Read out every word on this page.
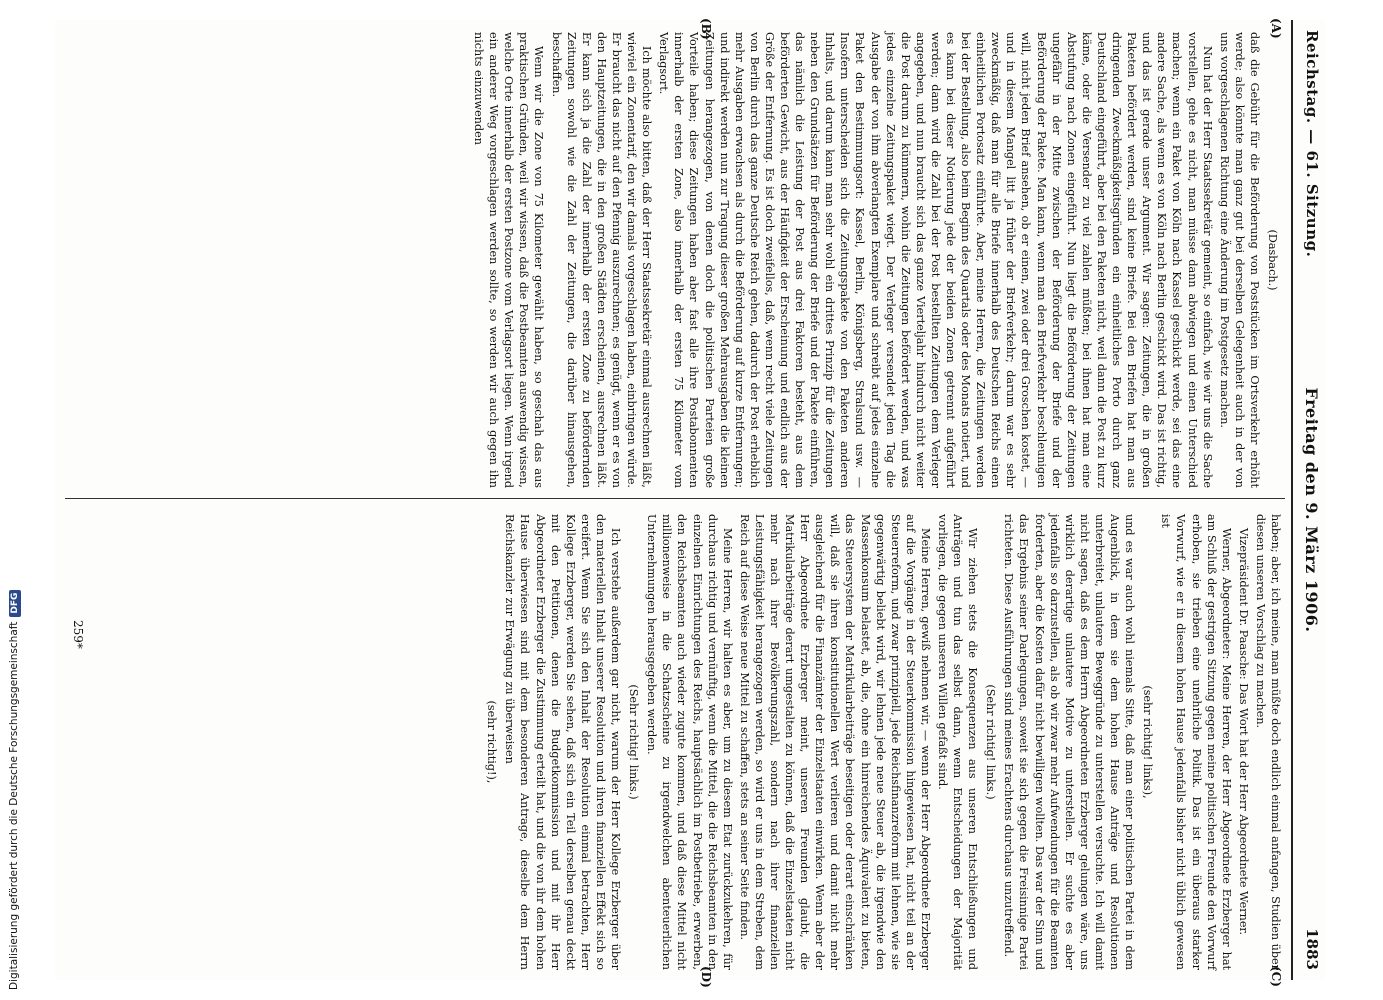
Reichstag. — 61. Sitzung.
Freitag den 9. März 1906.
1883
(A)
(B)
(C)
(D)

(Dasbach.)

daß die Gebühr für die Beförderung von Poststücken im Ortsverkehr erhöht werde; also könnte man ganz gut bei derselben Gelegenheit auch in der von uns vorgeschlagenen Richtung eine Änderung im Postgesetz machen.

Nun hat der Herr Staatssekretär gemeint, so einfach, wie wir uns die Sache vorstellen, gehe es nicht, man müsse dann abwiegen und einen Unterschied machen; wenn ein Paket von Köln nach Kassel geschickt werde, sei das eine andere Sache, als wenn es von Köln nach Berlin geschickt wird. Das ist richtig, und das ist gerade unser Argument. Wir sagen: Zeitungen, die in großen Paketen befördert werden, sind keine Briefe. Bei den Briefen hat man aus dringenden Zweckmäßigkeitsgründen ein einheitliches Porto durch ganz Deutschland eingeführt, aber bei den Paketen nicht, weil dann die Post zu kurz käme, oder die Versender zu viel zahlen müßten; bei ihnen hat man eine Abstufung nach Zonen eingeführt. Nun liegt die Beförderung der Zeitungen ungefähr in der Mitte zwischen der Beförderung der Briefe und der Beförderung der Pakete. Man kann, wenn man den Briefverkehr beschleunigen will, nicht jeden Brief ansehen, ob er einen, zwei oder drei Groschen kostet, — und in diesem Mangel litt ja früher der Briefverkehr; darum war es sehr zweckmäßig, daß man für alle Briefe innerhalb des Deutschen Reichs einen einheitlichen Portosatz einführte. Aber, meine Herren, die Zeitungen werden bei der Bestellung, also beim Beginn des Quartals oder des Monats notiert, und es kann bei dieser Notierung jede der beiden Zonen getrennt aufgeführt werden; dann wird die Zahl bei der Post bestellten Zeitungen dem Verleger angegeben, und nun braucht sich das ganze Vierteljahr hindurch nicht weiter die Post darum zu kümmern, wohin die Zeitungen befördert werden, und was jedes einzelne Zeitungspaket wiegt. Der Verleger versendet jeden Tag die Ausgabe der von ihm abverlangten Exemplare und schreibt auf jedes einzelne Paket den Bestimmungsort: Kassel, Berlin, Königsberg, Stralsund usw. — Insofern unterscheiden sich die Zeitungspakete von den Paketen anderen Inhalts, und darum kann man sehr wohl ein drittes Prinzip für die Zeitungen neben den Grundsätzen für Beförderung der Briefe und der Pakete einführen, das nämlich die Leistung der Post aus drei Faktoren besteht, aus dem beförderten Gewicht, aus der Häufigkeit der Erscheinung und endlich aus der Größe der Entfernung. Es ist doch zweifellos, daß, wenn recht viele Zeitungen von Berlin durch das ganze Deutsche Reich gehen, dadurch der Post erheblich mehr Ausgaben erwachsen als durch die Beförderung auf kurze Entfernungen; und indirekt werden nun zur Tragung dieser großen Mehrausgaben die kleinen Zeitungen herangezogen, von denen doch die politischen Parteien große Vorteile haben; diese Zeitungen haben aber fast alle ihre Postabonnenten innerhalb der ersten Zone, also innerhalb der ersten 75 Kilometer vom Verlagsort.

Ich möchte also bitten, daß der Herr Staatssekretär einmal ausrechnen läßt, wieviel ein Zonentarif, den wir damals vorgeschlagen haben, einbringen würde. Er braucht das nicht auf den Pfennig auszurechnen; es genügt, wenn er es von den Hauptzeitungen, die in den großen Städten erscheinen, ausrechnen läßt. Er kann sich ja die Zahl der innerhalb der ersten Zone zu befördernden Zeitungen sowohl wie die Zahl der Zeitungen, die darüber hinausgehen, beschaffen.

Wenn wir die Zone von 75 Kilometer gewählt haben, so geschah das aus praktischen Gründen, weil wir wissen, daß die Postbeamten auswendig wissen, welche Orte innerhalb der ersten Postzone vom Verlagsort liegen. Wenn irgend ein anderer Weg vorgeschlagen werden sollte, so werden wir auch gegen ihn nichts einzuwenden

haben; aber, ich meine, man müßte doch endlich einmal anfangen, Studien über diesen unseren Vorschlag zu machen.

Vizepräsident Dr. Paasche: Das Wort hat der Herr Abgeordnete Werner.

Werner, Abgeordneter: Meine Herren, der Herr Abgeordnete Erzberger hat am Schluß der gestrigen Sitzung gegen meine politischen Freunde den Vorwurf erhoben, sie trieben eine unehrliche Politik. Das ist ein überaus starker Vorwurf, wie er in diesem hohen Hause jedenfalls bisher nicht üblich gewesen ist

(sehr richtig! links),

und es war auch wohl niemals Sitte, daß man einer politischen Partei in dem Augenblick, in dem sie dem hohen Hause Anträge und Resolutionen unterbreitet, unlautere Beweggründe zu unterstellen versuchte. Ich will damit nicht sagen, daß es dem Herrn Abgeordneten Erzberger gelungen wäre, uns wirklich derartige unlautere Motive zu unterstellen. Er suchte es aber jedenfalls so darzustellen, als ob wir zwar mehr Aufwendungen für die Beamten forderten, aber die Kosten dafür nicht bewilligen wollten. Das war der Sinn und das Ergebnis seiner Darlegungen, soweit sie sich gegen die Freisinnige Partei richteten. Diese Ausführungen sind meines Erachtens durchaus unzutreffend.

(Sehr richtig! links.)

Wir ziehen stets die Konsequenzen aus unseren Entschließungen und Anträgen und tun das selbst dann, wenn Entscheidungen der Majorität vorliegen, die gegen unseren Willen gefaßt sind.

Meine Herren, gewiß nehmen wir, — wenn der Herr Abgeordnete Erzberger auf die Vorgänge in der Steuerkommission hingewiesen hat, nicht teil an der Steuerreform, und zwar prinzipiell, jede Reichsfinanzreform mit lehnen, wie sie gegenwärtig beliebt wird, wir lehnen jede neue Steuer ab, die irgendwie den Massenkonsum belastet, ab, die, ohne ein hinreichendes Äquivalent zu bieten, das Steuersystem der Matrikularbeiträge beseitigen oder derart einschränken will, daß sie ihren konstitutionellen Wert verlieren und damit nicht mehr ausgleichend für die Finanzämter der Einzelstaaten einwirken. Wenn aber der Herr Abgeordnete Erzberger meint, unseren Freunden glaubt, die Matrikularbeiträge derart umgestalten zu können, daß die Einzelstaaten nicht mehr nach ihrer Bevölkerungszahl, sondern nach ihrer finanziellen Leistungsfähigkeit herangezogen werden, so wird er uns in dem Streben, dem Reich auf diese Weise neue Mittel zu schaffen, stets an seiner Seite finden.

Meine Herren, wir halten es aber, um zu diesem Etat zurückzukehren, für durchaus richtig und vernünftig, wenn die Mittel, die die Reichsbeamten in den einzelnen Einrichtungen des Reichs, hauptsächlich im Postbetriebe, erwerben, den Reichsbeamten auch wieder zugute kommen, und daß diese Mittel nicht millionenweise in die Schatzscheine zu irgendwelchen abenteuerlichen Unternehmungen herausgegeben werden.

(Sehr richtig! links.)

Ich verstehe außerdem gar nicht, warum der Herr Kollege Erzberger über den materiellen Inhalt unserer Resolution und ihren finanziellen Effekt sich so ereifert. Wenn Sie sich den Inhalt der Resolution einmal betrachten, Herr Kollege Erzberger, werden Sie sehen, daß sich ein Teil derselben genau deckt mit den Petitionen, denen die Budgetkommission und mit ihr Herr Abgeordneter Erzberger die Zustimmung erteilt hat, und die von ihr dem hohen Hause überwiesen sind mit dem besonderen Antrage, dieselbe dem Herrn Reichskanzler zur Erwägung zu überweisen

(sehr richtig!),

259*
Digitalisierung gefördert durch die Deutsche ForschungsgemeinschaftDFG
